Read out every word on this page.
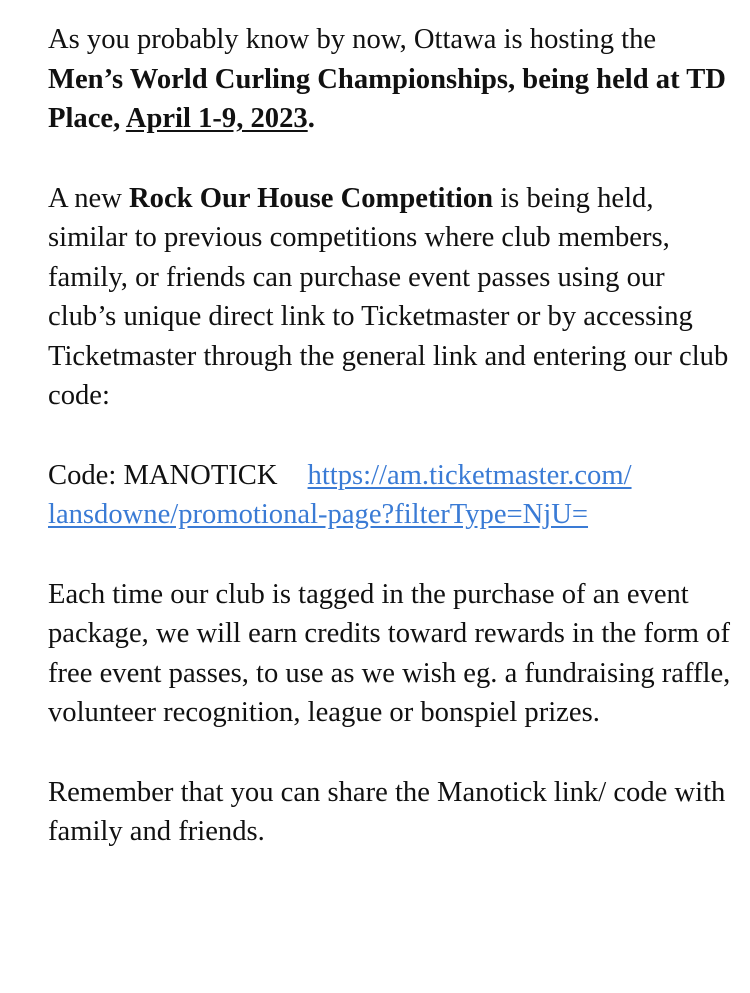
As you probably know by now, Ottawa is hosting the Men’s World Curling Championships, being held at TD Place, April 1-9, 2023.

A new Rock Our House Competition is being held, similar to previous competitions where club members, family, or friends can purchase event passes using our club’s unique direct link to Ticketmaster or by accessing Ticketmaster through the general link and entering our club code:

Code: MANOTICK https://am.ticketmaster.com/
lansdowne/promotional-page?filterType=NjU=

Each time our club is tagged in the purchase of an event package, we will earn credits toward rewards in the form of free event passes, to use as we wish eg. a fundraising raffle, volunteer recognition, league or bonspiel prizes.

Remember that you can share the Manotick link/ code with family and friends.
